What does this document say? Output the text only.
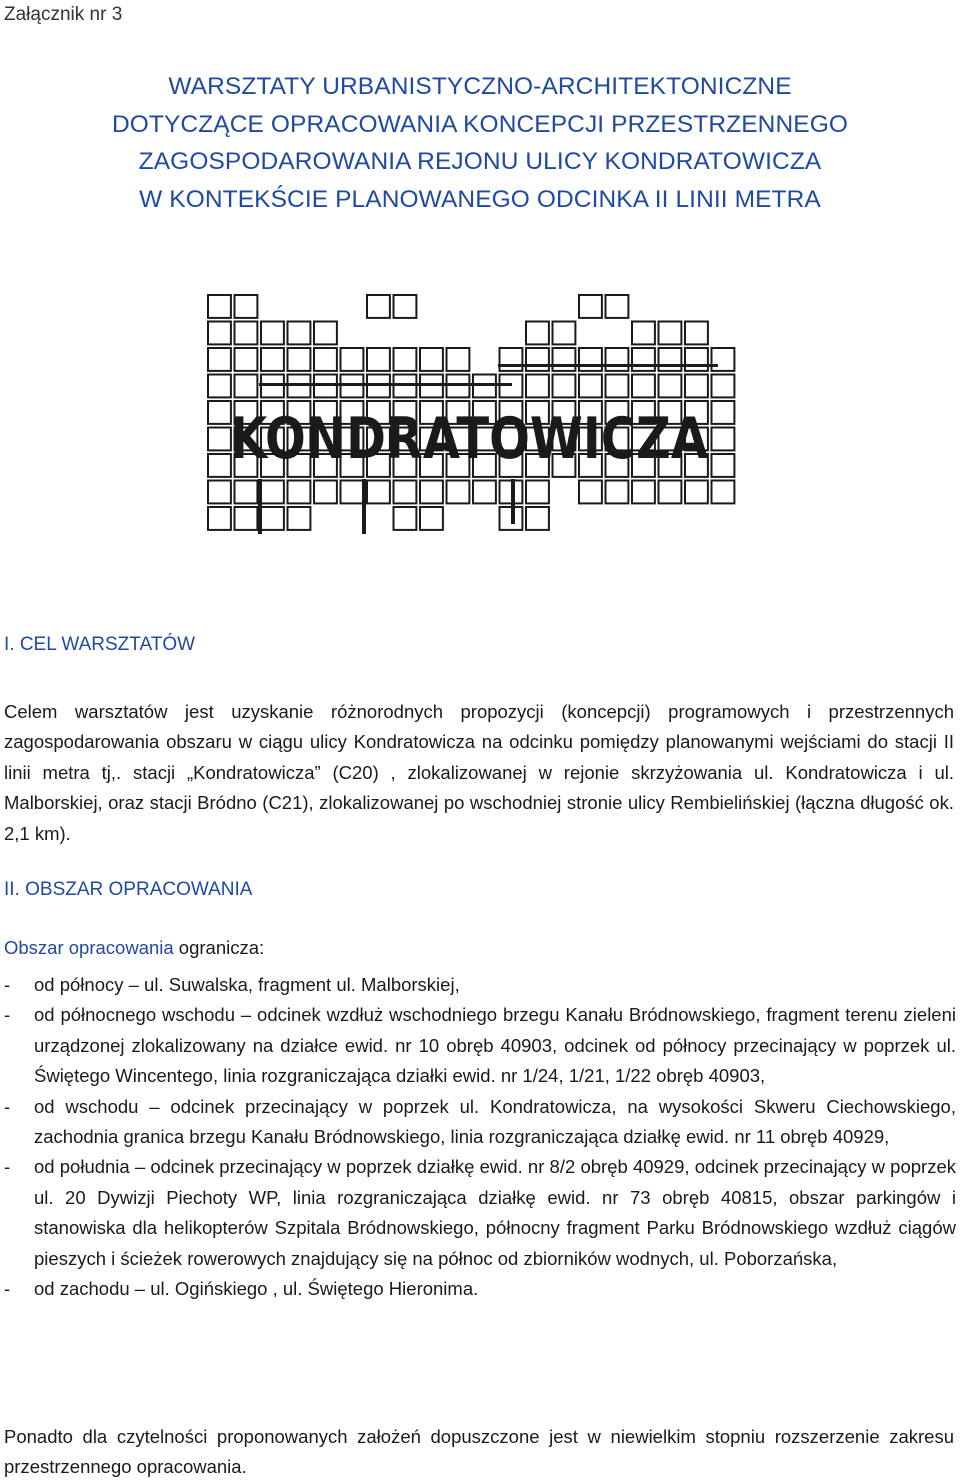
Załącznik nr 3
WARSZTATY URBANISTYCZNO-ARCHITEKTONICZNE
DOTYCZĄCE OPRACOWANIA KONCEPCJI PRZESTRZENNEGO
ZAGOSPODAROWANIA REJONU ULICY KONDRATOWICZA
W KONTEKŚCIE PLANOWANEGO ODCINKA II LINII METRA
KONDRATOWICZA
I. CEL WARSZTATÓW
Celem warsztatów jest uzyskanie różnorodnych propozycji (koncepcji) programowych i przestrzennych zagospodarowania obszaru w ciągu ulicy Kondratowicza na odcinku pomiędzy planowanymi wejściami do stacji II linii metra tj,. stacji „Kondratowicza” (C20) , zlokalizowanej w rejonie skrzyżowania ul. Kondratowicza i ul. Malborskiej, oraz stacji Bródno (C21), zlokalizowanej po wschodniej stronie ulicy Rembielińskiej (łączna długość ok. 2,1 km).
II. OBSZAR OPRACOWANIA
Obszar opracowania ogranicza:
- od północy – ul. Suwalska, fragment ul. Malborskiej,
- od północnego wschodu – odcinek wzdłuż wschodniego brzegu Kanału Bródnowskiego, fragment terenu zieleni urządzonej zlokalizowany na działce ewid. nr 10 obręb 40903, odcinek od północy przecinający w poprzek ul. Świętego Wincentego, linia rozgraniczająca działki ewid. nr 1/24, 1/21, 1/22 obręb 40903,
- od wschodu – odcinek przecinający w poprzek ul. Kondratowicza, na wysokości Skweru Ciechowskiego, zachodnia granica brzegu Kanału Bródnowskiego, linia rozgraniczająca działkę ewid. nr 11 obręb 40929,
- od południa – odcinek przecinający w poprzek działkę ewid. nr 8/2 obręb 40929, odcinek przecinający w poprzek ul. 20 Dywizji Piechoty WP, linia rozgraniczająca działkę ewid. nr 73 obręb 40815, obszar parkingów i stanowiska dla helikopterów Szpitala Bródnowskiego, północny fragment Parku Bródnowskiego wzdłuż ciągów pieszych i ścieżek rowerowych znajdujący się na północ od zbiorników wodnych, ul. Poborzańska,
- od zachodu – ul. Ogińskiego , ul. Świętego Hieronima.
Ponadto dla czytelności proponowanych założeń dopuszczone jest w niewielkim stopniu rozszerzenie zakresu przestrzennego opracowania.
